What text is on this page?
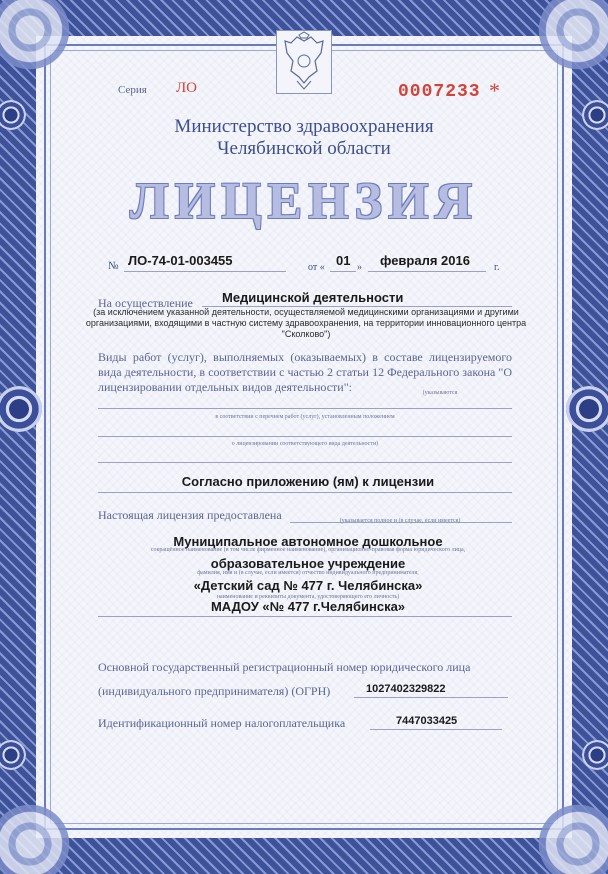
Серия ЛО	0007233 *
Министерство здравоохранения
Челябинской области
ЛИЦЕНЗИЯ
№ ЛО-74-01-003455	от « 01 » февраля 2016 г.
На осуществление Медицинской деятельности
(за исключением указанной деятельности, осуществляемой медицинскими организациями и другими организациями, входящими в частную систему здравоохранения, на территории инновационного центра "Сколково")
Виды работ (услуг), выполняемых (оказываемых) в составе лицензируемого вида деятельности, в соответствии с частью 2 статьи 12 Федерального закона "О лицензировании отдельных видов деятельности":	(указываются
в соответствии с перечнем работ (услуг), установленным положением
о лицензировании соответствующего вида деятельности)
Согласно приложению (ям) к лицензии
Настоящая лицензия предоставлена	(указывается полное и (в случае, если имеется)
Муниципальное автономное дошкольное
сокращённое наименование (в том числе фирменное наименование), организационно-правовая форма юридического лица,
образовательное учреждение
фамилия, имя и (в случае, если имеется) отчество индивидуального предпринимателя,
«Детский сад № 477 г. Челябинска»
наименование и реквизиты документа, удостоверяющего его личность)
МАДОУ «№ 477 г.Челябинска»
Основной государственный регистрационный номер юридического лица
(индивидуального предпринимателя) (ОГРН)	1027402329822
Идентификационный номер налогоплательщика	7447033425
